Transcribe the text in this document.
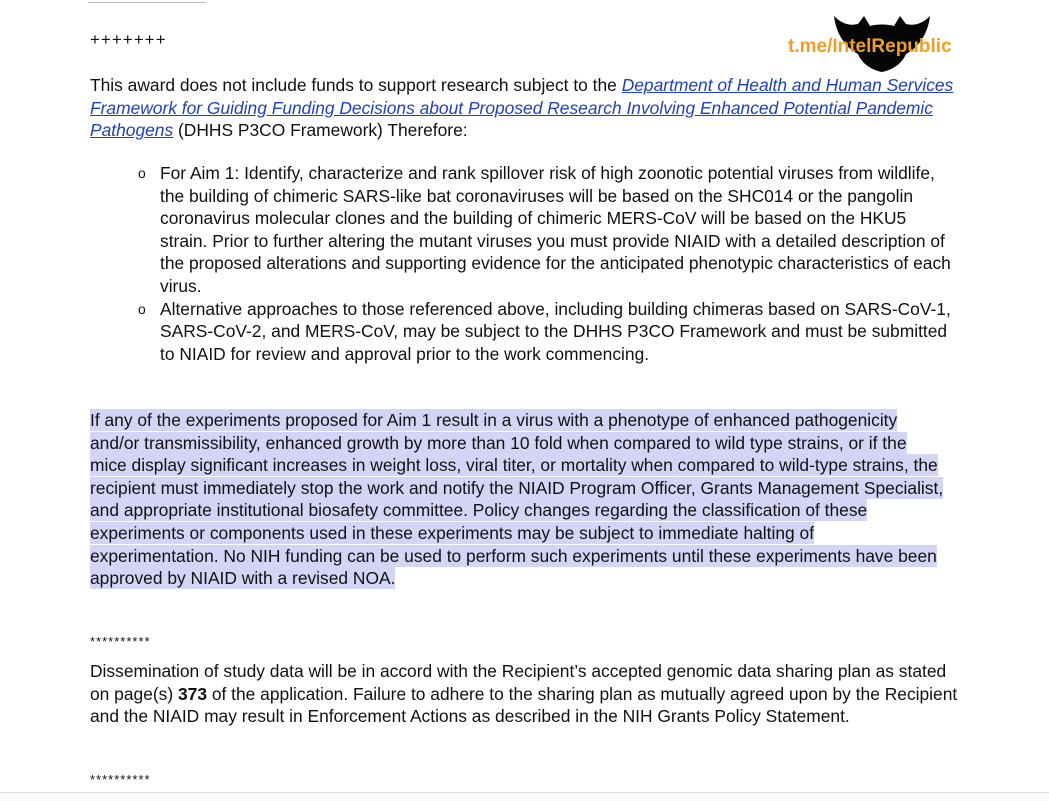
+++++++

This award does not include funds to support research subject to the Department of Health and Human Services Framework for Guiding Funding Decisions about Proposed Research Involving Enhanced Potential Pandemic Pathogens (DHHS P3CO Framework) Therefore:

o For Aim 1: Identify, characterize and rank spillover risk of high zoonotic potential viruses from wildlife, the building of chimeric SARS-like bat coronaviruses will be based on the SHC014 or the pangolin coronavirus molecular clones and the building of chimeric MERS-CoV will be based on the HKU5 strain. Prior to further altering the mutant viruses you must provide NIAID with a detailed description of the proposed alterations and supporting evidence for the anticipated phenotypic characteristics of each virus.
o Alternative approaches to those referenced above, including building chimeras based on SARS-CoV-1, SARS-CoV-2, and MERS-CoV, may be subject to the DHHS P3CO Framework and must be submitted to NIAID for review and approval prior to the work commencing.

If any of the experiments proposed for Aim 1 result in a virus with a phenotype of enhanced pathogenicity and/or transmissibility, enhanced growth by more than 10 fold when compared to wild type strains, or if the mice display significant increases in weight loss, viral titer, or mortality when compared to wild-type strains, the recipient must immediately stop the work and notify the NIAID Program Officer, Grants Management Specialist, and appropriate institutional biosafety committee. Policy changes regarding the classification of these experiments or components used in these experiments may be subject to immediate halting of experimentation. No NIH funding can be used to perform such experiments until these experiments have been approved by NIAID with a revised NOA.

**********

Dissemination of study data will be in accord with the Recipient’s accepted genomic data sharing plan as stated on page(s) 373 of the application. Failure to adhere to the sharing plan as mutually agreed upon by the Recipient and the NIAID may result in Enforcement Actions as described in the NIH Grants Policy Statement.

**********
t.me/IntelRepublic
